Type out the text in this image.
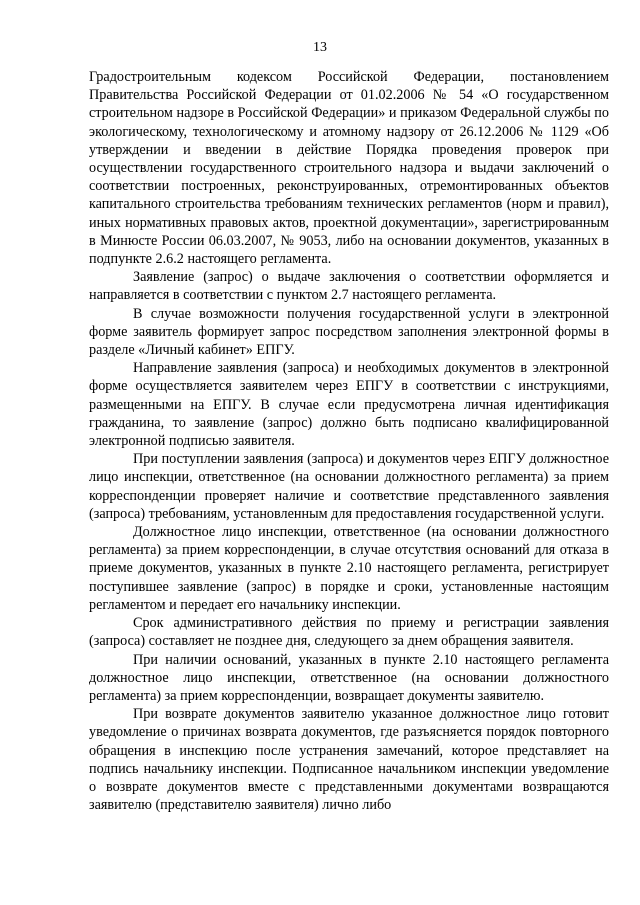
13

Градостроительным кодексом Российской Федерации, постановлением Правительства Российской Федерации от 01.02.2006 № 54 «О государственном строительном надзоре в Российской Федерации» и приказом Федеральной службы по экологическому, технологическому и атомному надзору от 26.12.2006 № 1129 «Об утверждении и введении в действие Порядка проведения проверок при осуществлении государственного строительного надзора и выдачи заключений о соответствии построенных, реконструированных, отремонтированных объектов капитального строительства требованиям технических регламентов (норм и правил), иных нормативных правовых актов, проектной документации», зарегистрированным в Минюсте России 06.03.2007, № 9053, либо на основании документов, указанных в подпункте 2.6.2 настоящего регламента.

Заявление (запрос) о выдаче заключения о соответствии оформляется и направляется в соответствии с пунктом 2.7 настоящего регламента.

В случае возможности получения государственной услуги в электронной форме заявитель формирует запрос посредством заполнения электронной формы в разделе «Личный кабинет» ЕПГУ.

Направление заявления (запроса) и необходимых документов в электронной форме осуществляется заявителем через ЕПГУ в соответствии с инструкциями, размещенными на ЕПГУ. В случае если предусмотрена личная идентификация гражданина, то заявление (запрос) должно быть подписано квалифицированной электронной подписью заявителя.

При поступлении заявления (запроса) и документов через ЕПГУ должностное лицо инспекции, ответственное (на основании должностного регламента) за прием корреспонденции проверяет наличие и соответствие представленного заявления (запроса) требованиям, установленным для предоставления государственной услуги.

Должностное лицо инспекции, ответственное (на основании должностного регламента) за прием корреспонденции, в случае отсутствия оснований для отказа в приеме документов, указанных в пункте 2.10 настоящего регламента, регистрирует поступившее заявление (запрос) в порядке и сроки, установленные настоящим регламентом и передает его начальнику инспекции.

Срок административного действия по приему и регистрации заявления (запроса) составляет не позднее дня, следующего за днем обращения заявителя.

При наличии оснований, указанных в пункте 2.10 настоящего регламента должностное лицо инспекции, ответственное (на основании должностного регламента) за прием корреспонденции, возвращает документы заявителю.

При возврате документов заявителю указанное должностное лицо готовит уведомление о причинах возврата документов, где разъясняется порядок повторного обращения в инспекцию после устранения замечаний, которое представляет на подпись начальнику инспекции. Подписанное начальником инспекции уведомление о возврате документов вместе с представленными документами возвращаются заявителю (представителю заявителя) лично либо
